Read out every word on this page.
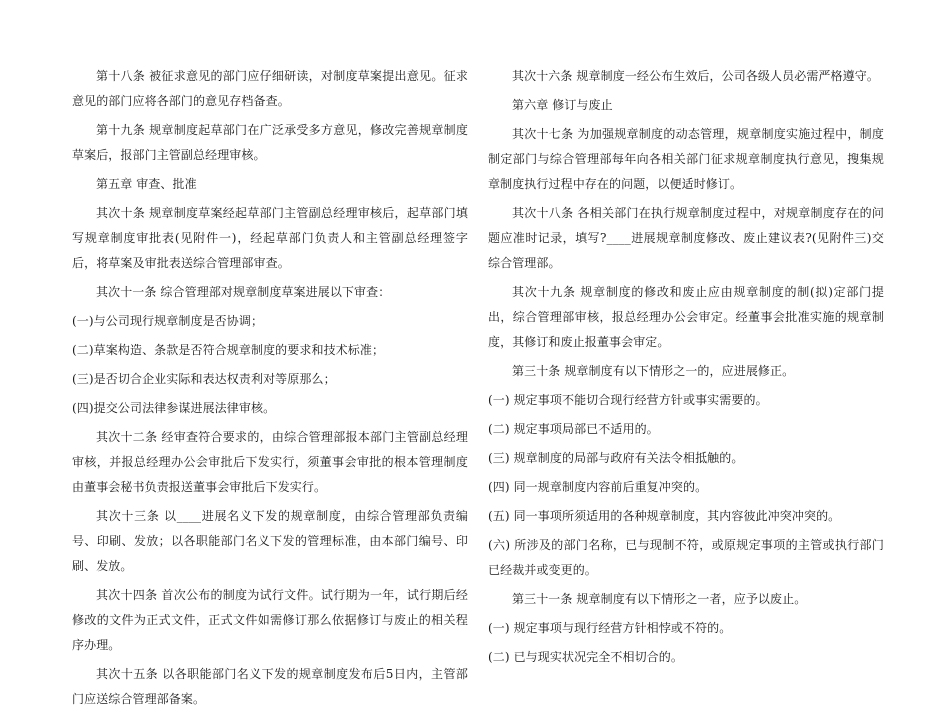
第十八条 被征求意见的部门应仔细研读，对制度草案提出意见。征求意见的部门应将各部门的意见存档备查。

第十九条 规章制度起草部门在广泛承受多方意见，修改完善规章制度草案后，报部门主管副总经理审核。

第五章 审查、批准

其次十条 规章制度草案经起草部门主管副总经理审核后，起草部门填写规章制度审批表(见附件一)，经起草部门负责人和主管副总经理签字后，将草案及审批表送综合管理部审查。

其次十一条 综合管理部对规章制度草案进展以下审查：

(一)与公司现行规章制度是否协调；

(二)草案构造、条款是否符合规章制度的要求和技术标准；

(三)是否切合企业实际和表达权责利对等原那么；

(四)提交公司法律参谋进展法律审核。

其次十二条 经审查符合要求的，由综合管理部报本部门主管副总经理审核，并报总经理办公会审批后下发实行，须董事会审批的根本管理制度由董事会秘书负责报送董事会审批后下发实行。

其次十三条 以____进展名义下发的规章制度，由综合管理部负责编号、印刷、发放；以各职能部门名义下发的管理标准，由本部门编号、印刷、发放。

其次十四条 首次公布的制度为试行文件。试行期为一年，试行期后经修改的文件为正式文件，正式文件如需修订那么依据修订与废止的相关程序办理。

其次十五条 以各职能部门名义下发的规章制度发布后5日内，主管部门应送综合管理部备案。

其次十六条 规章制度一经公布生效后，公司各级人员必需严格遵守。

第六章 修订与废止

其次十七条 为加强规章制度的动态管理，规章制度实施过程中，制度制定部门与综合管理部每年向各相关部门征求规章制度执行意见，搜集规章制度执行过程中存在的问题，以便适时修订。

其次十八条 各相关部门在执行规章制度过程中，对规章制度存在的问题应准时记录，填写?____进展规章制度修改、废止建议表?(见附件三)交综合管理部。

其次十九条 规章制度的修改和废止应由规章制度的制(拟)定部门提出，综合管理部审核，报总经理办公会审定。经董事会批准实施的规章制度，其修订和废止报董事会审定。

第三十条 规章制度有以下情形之一的，应进展修正。

(一) 规定事项不能切合现行经营方针或事实需要的。

(二) 规定事项局部已不适用的。

(三) 规章制度的局部与政府有关法令相抵触的。

(四) 同一规章制度内容前后重复冲突的。

(五) 同一事项所须适用的各种规章制度，其内容彼此冲突冲突的。

(六) 所涉及的部门名称，已与现制不符，或原规定事项的主管或执行部门已经裁并或变更的。

第三十一条 规章制度有以下情形之一者，应予以废止。

(一) 规定事项与现行经营方针相悖或不符的。

(二) 已与现实状况完全不相切合的。
